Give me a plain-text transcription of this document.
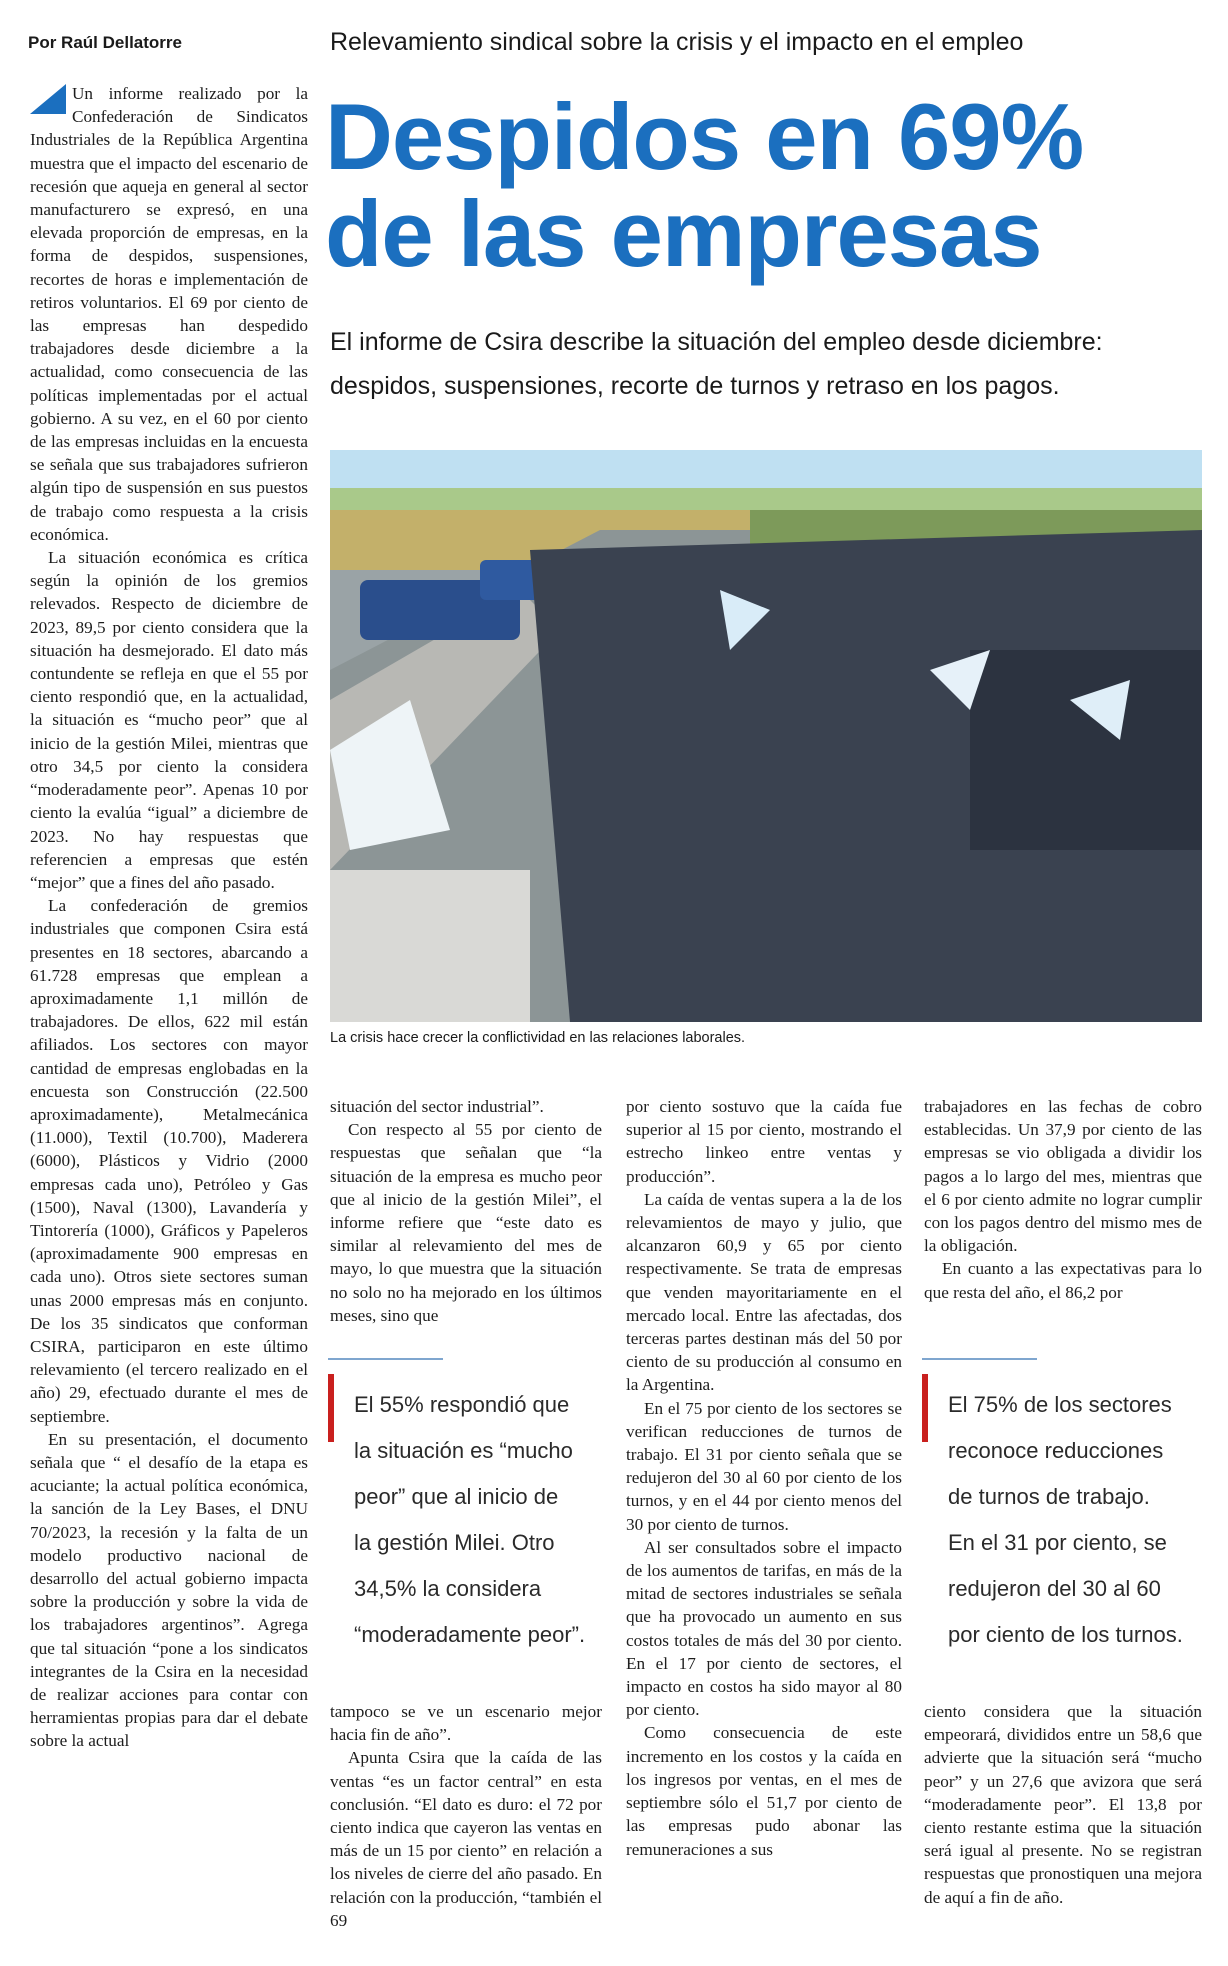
Por Raúl Dellatorre	Relevamiento sindical sobre la crisis y el impacto en el empleo
Despidos en 69%
de las empresas

El informe de Csira describe la situación del empleo desde diciembre: despidos, suspensiones, recorte de turnos y retraso en los pagos.

Un informe realizado por la Confederación de Sindicatos Industriales de la República Argentina muestra que el impacto del escenario de recesión que aqueja en general al sector manufacturero se expresó, en una elevada proporción de empresas, en la forma de despidos, suspensiones, recortes de horas e implementación de retiros voluntarios. El 69 por ciento de las empresas han despedido trabajadores desde diciembre a la actualidad, como consecuencia de las políticas implementadas por el actual gobierno. A su vez, en el 60 por ciento de las empresas incluidas en la encuesta se señala que sus trabajadores sufrieron algún tipo de suspensión en sus puestos de trabajo como respuesta a la crisis económica.

La situación económica es crítica según la opinión de los gremios relevados. Respecto de diciembre de 2023, 89,5 por ciento considera que la situación ha desmejorado. El dato más contundente se refleja en que el 55 por ciento respondió que, en la actualidad, la situación es “mucho peor” que al inicio de la gestión Milei, mientras que otro 34,5 por ciento la considera “moderadamente peor”. Apenas 10 por ciento la evalúa “igual” a diciembre de 2023. No hay respuestas que referencien a empresas que estén “mejor” que a fines del año pasado.

La confederación de gremios industriales que componen Csira está presentes en 18 sectores, abarcando a 61.728 empresas que emplean a aproximadamente 1,1 millón de trabajadores. De ellos, 622 mil están afiliados. Los sectores con mayor cantidad de empresas englobadas en la encuesta son Construcción (22.500 aproximadamente), Metalmecánica (11.000), Textil (10.700), Maderera (6000), Plásticos y Vidrio (2000 empresas cada uno), Petróleo y Gas (1500), Naval (1300), Lavandería y Tintorería (1000), Gráficos y Papeleros (aproximadamente 900 empresas en cada uno). Otros siete sectores suman unas 2000 empresas más en conjunto. De los 35 sindicatos que conforman CSIRA, participaron en este último relevamiento (el tercero realizado en el año) 29, efectuado durante el mes de septiembre.

En su presentación, el documento señala que “ el desafío de la etapa es acuciante; la actual política económica, la sanción de la Ley Bases, el DNU 70/2023, la recesión y la falta de un modelo productivo nacional de desarrollo del actual gobierno impacta sobre la producción y sobre la vida de los trabajadores argentinos”. Agrega que tal situación “pone a los sindicatos integrantes de la Csira en la necesidad de realizar acciones para contar con herramientas propias para dar el debate sobre la actual

La crisis hace crecer la conflictividad en las relaciones laborales.

situación del sector industrial”.

Con respecto al 55 por ciento de respuestas que señalan que “la situación de la empresa es mucho peor que al inicio de la gestión Milei”, el informe refiere que “este dato es similar al relevamiento del mes de mayo, lo que muestra que la situación no solo no ha mejorado en los últimos meses, sino que

El 55% respondió que
la situación es “mucho
peor” que al inicio de
la gestión Milei. Otro
34,5% la considera
“moderadamente peor”.

tampoco se ve un escenario mejor hacia fin de año”.

Apunta Csira que la caída de las ventas “es un factor central” en esta conclusión. “El dato es duro: el 72 por ciento indica que cayeron las ventas en más de un 15 por ciento” en relación a los niveles de cierre del año pasado. En relación con la producción, “también el 69

por ciento sostuvo que la caída fue superior al 15 por ciento, mostrando el estrecho linkeo entre ventas y producción”.

La caída de ventas supera a la de los relevamientos de mayo y julio, que alcanzaron 60,9 y 65 por ciento respectivamente. Se trata de empresas que venden mayoritariamente en el mercado local. Entre las afectadas, dos terceras partes destinan más del 50 por ciento de su producción al consumo en la Argentina.

En el 75 por ciento de los sectores se verifican reducciones de turnos de trabajo. El 31 por ciento señala que se redujeron del 30 al 60 por ciento de los turnos, y en el 44 por ciento menos del 30 por ciento de turnos.

Al ser consultados sobre el impacto de los aumentos de tarifas, en más de la mitad de sectores industriales se señala que ha provocado un aumento en sus costos totales de más del 30 por ciento. En el 17 por ciento de sectores, el impacto en costos ha sido mayor al 80 por ciento.

Como consecuencia de este incremento en los costos y la caída en los ingresos por ventas, en el mes de septiembre sólo el 51,7 por ciento de las empresas pudo abonar las remuneraciones a sus

trabajadores en las fechas de cobro establecidas. Un 37,9 por ciento de las empresas se vio obligada a dividir los pagos a lo largo del mes, mientras que el 6 por ciento admite no lograr cumplir con los pagos dentro del mismo mes de la obligación.

En cuanto a las expectativas para lo que resta del año, el 86,2 por

El 75% de los sectores
reconoce reducciones
de turnos de trabajo.
En el 31 por ciento, se
redujeron del 30 al 60
por ciento de los turnos.

ciento considera que la situación empeorará, divididos entre un 58,6 que advierte que la situación será “mucho peor” y un 27,6 que avizora que será “moderadamente peor”. El 13,8 por ciento restante estima que la situación será igual al presente. No se registran respuestas que pronostiquen una mejora de aquí a fin de año.
